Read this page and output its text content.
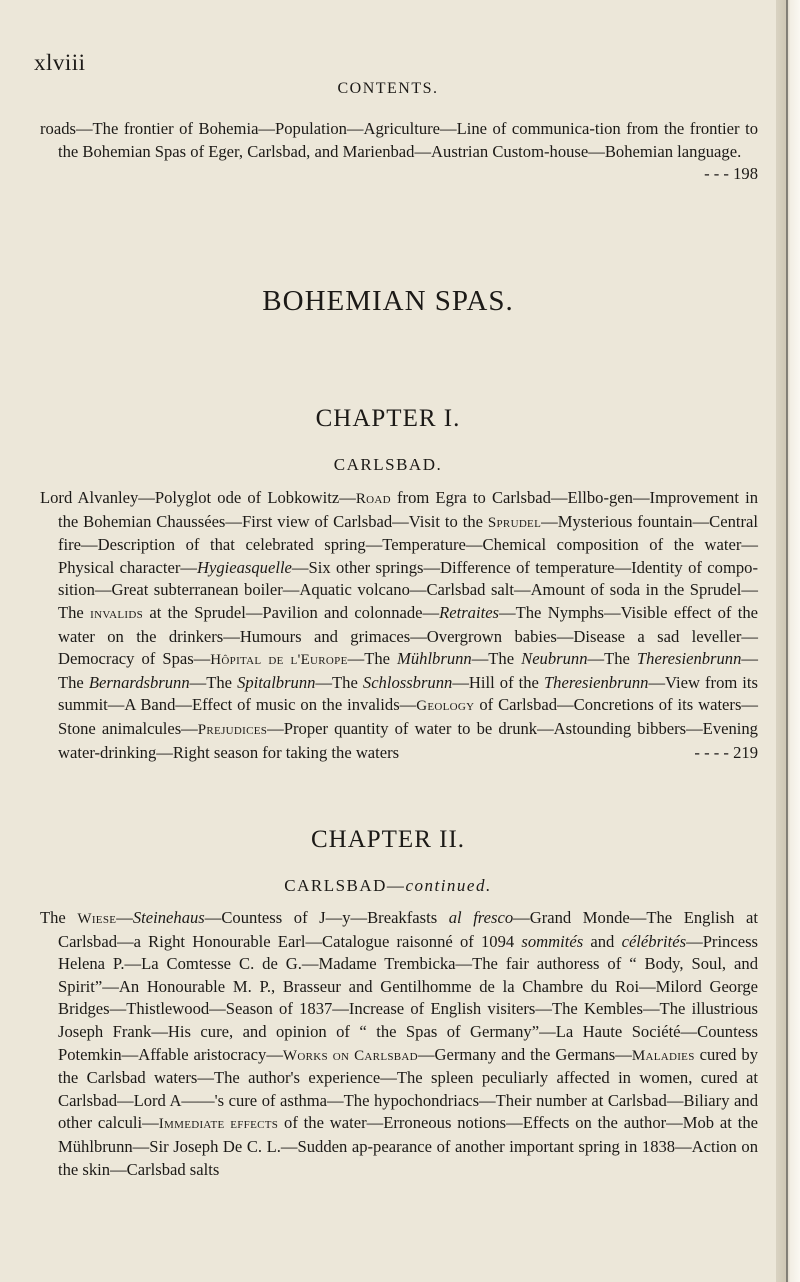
xlviii
CONTENTS.
roads—The frontier of Bohemia—Population—Agriculture—Line of communica-tion from the frontier to the Bohemian Spas of Eger, Carlsbad, and Marienbad—Austrian Custom-house—Bohemian language.
- - - 198
BOHEMIAN SPAS.
CHAPTER I.
CARLSBAD.
Lord Alvanley—Polyglot ode of Lobkowitz—Road from Egra to Carlsbad—Ellbo-gen—Improvement in the Bohemian Chaussées—First view of Carlsbad—Visit to the Sprudel—Mysterious fountain—Central fire—Description of that celebrated spring—Temperature—Chemical composition of the water—Physical character—Hygieasquelle—Six other springs—Difference of temperature—Identity of compo-sition—Great subterranean boiler—Aquatic volcano—Carlsbad salt—Amount of soda in the Sprudel—The invalids at the Sprudel—Pavilion and colonnade—Retraites—The Nymphs—Visible effect of the water on the drinkers—Humours and grimaces—Overgrown babies—Disease a sad leveller—Democracy of Spas—Hôpital de l'Europe—The Mühlbrunn—The Neubrunn—The Theresienbrunn—The Bernardsbrunn—The Spitalbrunn—The Schlossbrunn—Hill of the Theresienbrunn—View from its summit—A Band—Effect of music on the invalids—Geology of Carlsbad—Concretions of its waters—Stone animalcules—Prejudices—Proper quantity of water to be drunk—Astounding bibbers—Evening water-drinking—Right season for taking the waters	- - - - 219
CHAPTER II.
CARLSBAD—continued.
The Wiese—Steinehaus—Countess of J—y—Breakfasts al fresco—Grand Monde—The English at Carlsbad—a Right Honourable Earl—Catalogue raisonné of 1094 sommités and célébrités—Princess Helena P.—La Comtesse C. de G.—Madame Trembicka—The fair authoress of “ Body, Soul, and Spirit”—An Honourable M. P., Brasseur and Gentilhomme de la Chambre du Roi—Milord George Bridges—Thistlewood—Season of 1837—Increase of English visiters—The Kembles—The illustrious Joseph Frank—His cure, and opinion of “ the Spas of Germany”—La Haute Société—Countess Potemkin—Affable aristocracy—Works on Carlsbad—Germany and the Germans—Maladies cured by the Carlsbad waters—The author's experience—The spleen peculiarly affected in women, cured at Carlsbad—Lord A——'s cure of asthma—The hypochondriacs—Their number at Carlsbad—Biliary and other calculi—Immediate effects of the water—Erroneous notions—Effects on the author—Mob at the Mühlbrunn—Sir Joseph De C. L.—Sudden ap-pearance of another important spring in 1838—Action on the skin—Carlsbad salts
